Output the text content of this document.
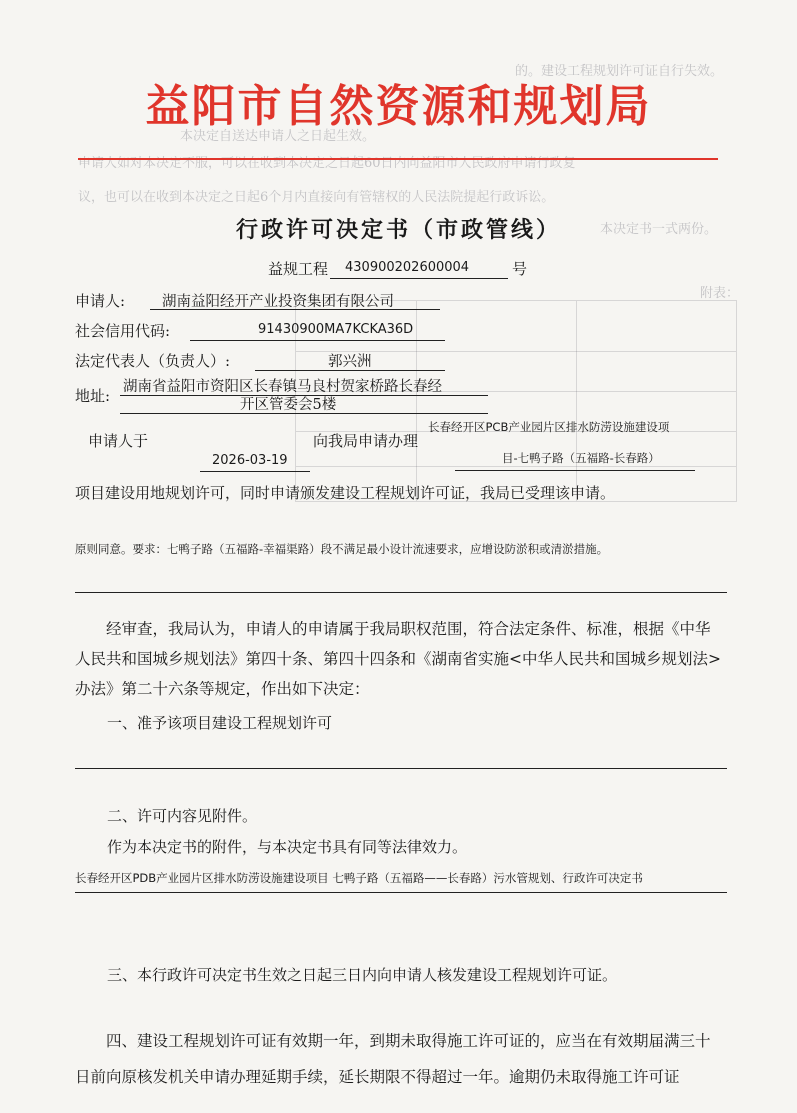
的。建设工程规划许可证自行失效。
本决定自送达申请人之日起生效。
申请人如对本决定不服，可以在收到本决定之日起60日内向益阳市人民政府申请行政复
议，也可以在收到本决定之日起6个月内直接向有管辖权的人民法院提起行政诉讼。
本决定书一式两份。
附表：
益阳市自然资源和规划局
行政许可决定书（市政管线）
益规工程 430900202600004	号
申请人:	湖南益阳经开产业投资集团有限公司
社会信用代码:	91430900MA7KCKA36D
法定代表人（负责人）:	郭兴洲
地址: 湖南省益阳市资阳区长春镇马良村贺家桥路长春经
开区管委会5楼
申请人于
2026-03-19
向我局申请办理
长春经开区PCB产业园片区排水防涝设施建设项
目-七鸭子路（五福路-长春路）
项目建设用地规划许可，同时申请颁发建设工程规划许可证，我局已受理该申请。
原则同意。要求：七鸭子路（五福路-幸福渠路）段不满足最小设计流速要求，应增设防淤积或清淤措施。
经审查，我局认为，申请人的申请属于我局职权范围，符合法定条件、标准，根据《中华人民共和国城乡规划法》第四十条、第四十四条和《湖南省实施<中华人民共和国城乡规划法>办法》第二十六条等规定，作出如下决定：
一、准予该项目建设工程规划许可
二、许可内容见附件。
作为本决定书的附件，与本决定书具有同等法律效力。
长春经开区PDB产业园片区排水防涝设施建设项目 七鸭子路（五福路——长春路）污水管规划、行政许可决定书
三、本行政许可决定书生效之日起三日内向申请人核发建设工程规划许可证。
四、建设工程规划许可证有效期一年，到期未取得施工许可证的，应当在有效期届满三十日前向原核发机关申请办理延期手续，延长期限不得超过一年。逾期仍未取得施工许可证
